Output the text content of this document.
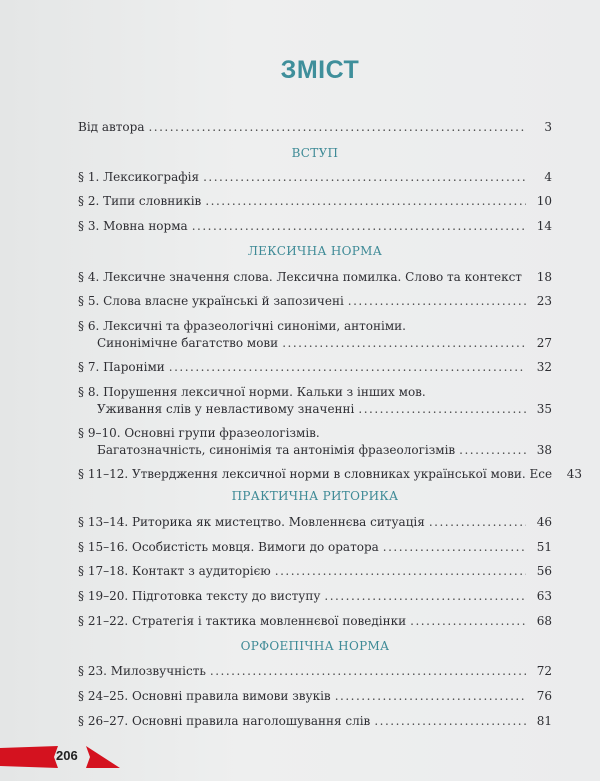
ЗМІСТ
Від автора .....	3
ВСТУП
§ 1. Лексикографія .....	4
§ 2. Типи словників .....	10
§ 3. Мовна норма .....	14
ЛЕКСИЧНА НОРМА
§ 4. Лексичне значення слова. Лексична помилка. Слово та контекст .....	18
§ 5. Слова власне українські й запозичені .....	23
§ 6. Лексичні та фразеологічні синоніми, антоніми.
Синонімічне багатство мови .....	27
§ 7. Пароніми .....	32
§ 8. Порушення лексичної норми. Кальки з інших мов.
Уживання слів у невластивому значенні .....	35
§ 9–10. Основні групи фразеологізмів.
Багатозначність, синонімія та антонімія фразеологізмів .....	38
§ 11–12. Утвердження лексичної норми в словниках української мови. Есе	43
ПРАКТИЧНА РИТОРИКА
§ 13–14. Риторика як мистецтво. Мовленнєва ситуація .....	46
§ 15–16. Особистість мовця. Вимоги до оратора .....	51
§ 17–18. Контакт з аудиторією .....	56
§ 19–20. Підготовка тексту до виступу .....	63
§ 21–22. Стратегія і тактика мовленнєвої поведінки .....	68
ОРФОЕПІЧНА НОРМА
§ 23. Милозвучність .....	72
§ 24–25. Основні правила вимови звуків .....	76
§ 26–27. Основні правила наголошування слів .....	81
206
